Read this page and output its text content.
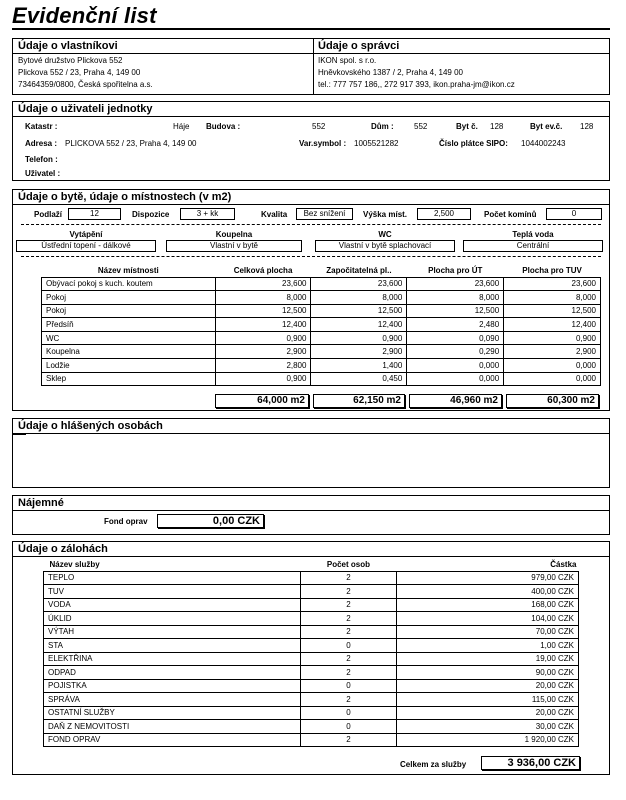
Evidenční list
Údaje o vlastníkovi	Údaje o správci
Bytové družstvo Plickova 552
Plickova 552 / 23, Praha 4, 149 00
73464359/0800, Česká spořitelna a.s.
IKON spol. s r.o.
Hněvkovského 1387 / 2, Praha 4, 149 00
tel.: 777 757 186,, 272 917 393, ikon.praha-jm@ikon.cz
Údaje o uživateli jednotky
Katastr :	Háje Budova :	552	Dům :	552	Byt č. 128	Byt ev.č. 128
Adresa : PLICKOVA 552 / 23, Praha 4, 149 00	Var.symbol : 1005521282	Číslo plátce SIPO: 1044002243
Telefon :
Uživatel :
Údaje o bytě, údaje o místnostech (v m2)
Podlaží	12	Dispozice	3 + kk	Kvalita	Bez snížení	Výška míst.	2,500	Počet komínů	0
Vytápění	Koupelna	WC	Teplá voda
Ústřední topení - dálkové	Vlastní v bytě	Vlastní v bytě splachovací	Centrální
Název místnosti	Celková plocha	Započitatelná pl..	Plocha pro ÚT	Plocha pro TUV
Obývací pokoj s kuch. koutem	23,600	23,600	23,600	23,600
Pokoj	8,000	8,000	8,000	8,000
Pokoj	12,500	12,500	12,500	12,500
Předsíň	12,400	12,400	2,480	12,400
WC	0,900	0,900	0,090	0,900
Koupelna	2,900	2,900	0,290	2,900
Lodžie	2,800	1,400	0,000	0,000
Sklep	0,900	0,450	0,000	0,000
64,000 m2	62,150 m2	46,960 m2	60,300 m2
Údaje o hlášených osobách
Nájemné
Fond oprav	0,00 CZK
Údaje o zálohách
Název služby	Počet osob	Částka
TEPLO	2	979,00 CZK
TUV	2	400,00 CZK
VODA	2	168,00 CZK
ÚKLID	2	104,00 CZK
VÝTAH	2	70,00 CZK
STA	0	1,00 CZK
ELEKTŘINA	2	19,00 CZK
ODPAD	2	90,00 CZK
POJISTKA	0	20,00 CZK
SPRÁVA	2	115,00 CZK
OSTATNÍ SLUŽBY	0	20,00 CZK
DAŇ Z NEMOVITOSTI	0	30,00 CZK
FOND OPRAV	2	1 920,00 CZK
Celkem za služby	3 936,00 CZK
